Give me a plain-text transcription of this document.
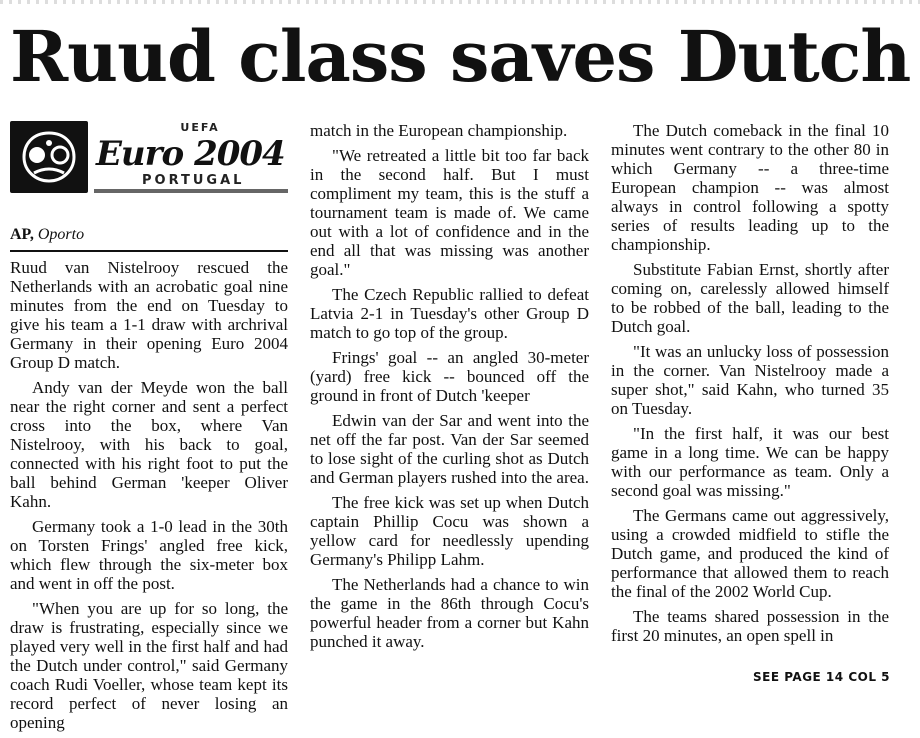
Ruud class saves Dutch
UEFA
Euro 2004
PORTUGAL
AP, Oporto

Ruud van Nistelrooy rescued the Netherlands with an acrobatic goal nine minutes from the end on Tuesday to give his team a 1-1 draw with archrival Germany in their opening Euro 2004 Group D match.

Andy van der Meyde won the ball near the right corner and sent a perfect cross into the box, where Van Nistelrooy, with his back to goal, connected with his right foot to put the ball behind German 'keeper Oliver Kahn.

Germany took a 1-0 lead in the 30th on Torsten Frings' angled free kick, which flew through the six-meter box and went in off the post.

"When you are up for so long, the draw is frustrating, especially since we played very well in the first half and had the Dutch under control," said Germany coach Rudi Voeller, whose team kept its record perfect of never losing an opening

match in the European championship.

"We retreated a little bit too far back in the second half. But I must compliment my team, this is the stuff a tournament team is made of. We came out with a lot of confidence and in the end all that was missing was another goal."

The Czech Republic rallied to defeat Latvia 2-1 in Tuesday's other Group D match to go top of the group.

Frings' goal -- an angled 30-meter (yard) free kick -- bounced off the ground in front of Dutch 'keeper

Edwin van der Sar and went into the net off the far post. Van der Sar seemed to lose sight of the curling shot as Dutch and German players rushed into the area.

The free kick was set up when Dutch captain Phillip Cocu was shown a yellow card for needlessly upending Germany's Philipp Lahm.

The Netherlands had a chance to win the game in the 86th through Cocu's powerful header from a corner but Kahn punched it away.

The Dutch comeback in the final 10 minutes went contrary to the other 80 in which Germany -- a three-time European champion -- was almost always in control following a spotty series of results leading up to the championship.

Substitute Fabian Ernst, shortly after coming on, carelessly allowed himself to be robbed of the ball, leading to the Dutch goal.

"It was an unlucky loss of possession in the corner. Van Nistelrooy made a super shot," said Kahn, who turned 35 on Tuesday.

"In the first half, it was our best game in a long time. We can be happy with our performance as team. Only a second goal was missing."

The Germans came out aggressively, using a crowded midfield to stifle the Dutch game, and produced the kind of performance that allowed them to reach the final of the 2002 World Cup.

The teams shared possession in the first 20 minutes, an open spell in

SEE PAGE 14 COL 5
